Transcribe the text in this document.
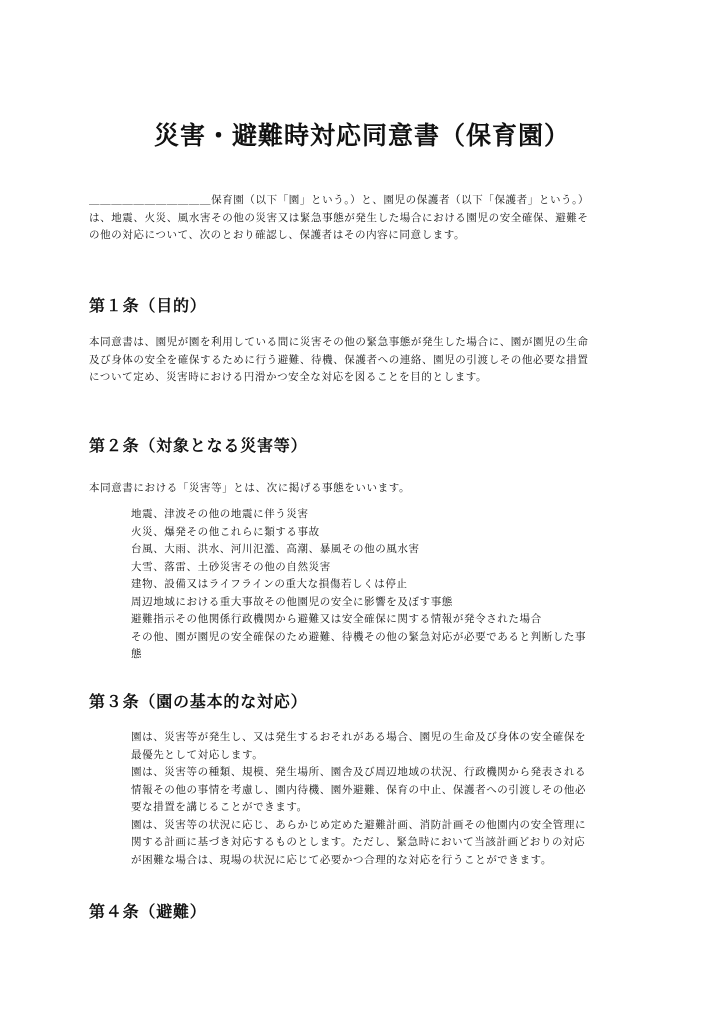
災害・避難時対応同意書（保育園）

＿＿＿＿＿＿＿＿＿＿＿保育園（以下「園」という。）と、園児の保護者（以下「保護者」という。）
は、地震、火災、風水害その他の災害又は緊急事態が発生した場合における園児の安全確保、避難そ
の他の対応について、次のとおり確認し、保護者はその内容に同意します。

第１条（目的）

本同意書は、園児が園を利用している間に災害その他の緊急事態が発生した場合に、園が園児の生命
及び身体の安全を確保するために行う避難、待機、保護者への連絡、園児の引渡しその他必要な措置
について定め、災害時における円滑かつ安全な対応を図ることを目的とします。

第２条（対象となる災害等）

本同意書における「災害等」とは、次に掲げる事態をいいます。

地震、津波その他の地震に伴う災害
火災、爆発その他これらに類する事故
台風、大雨、洪水、河川氾濫、高潮、暴風その他の風水害
大雪、落雷、土砂災害その他の自然災害
建物、設備又はライフラインの重大な損傷若しくは停止
周辺地域における重大事故その他園児の安全に影響を及ぼす事態
避難指示その他関係行政機関から避難又は安全確保に関する情報が発令された場合
その他、園が園児の安全確保のため避難、待機その他の緊急対応が必要であると判断した事
態
第３条（園の基本的な対応）
園は、災害等が発生し、又は発生するおそれがある場合、園児の生命及び身体の安全確保を
最優先として対応します。
園は、災害等の種類、規模、発生場所、園舎及び周辺地域の状況、行政機関から発表される
情報その他の事情を考慮し、園内待機、園外避難、保育の中止、保護者への引渡しその他必
要な措置を講じることができます。
園は、災害等の状況に応じ、あらかじめ定めた避難計画、消防計画その他園内の安全管理に
関する計画に基づき対応するものとします。ただし、緊急時において当該計画どおりの対応
が困難な場合は、現場の状況に応じて必要かつ合理的な対応を行うことができます。
第４条（避難）
